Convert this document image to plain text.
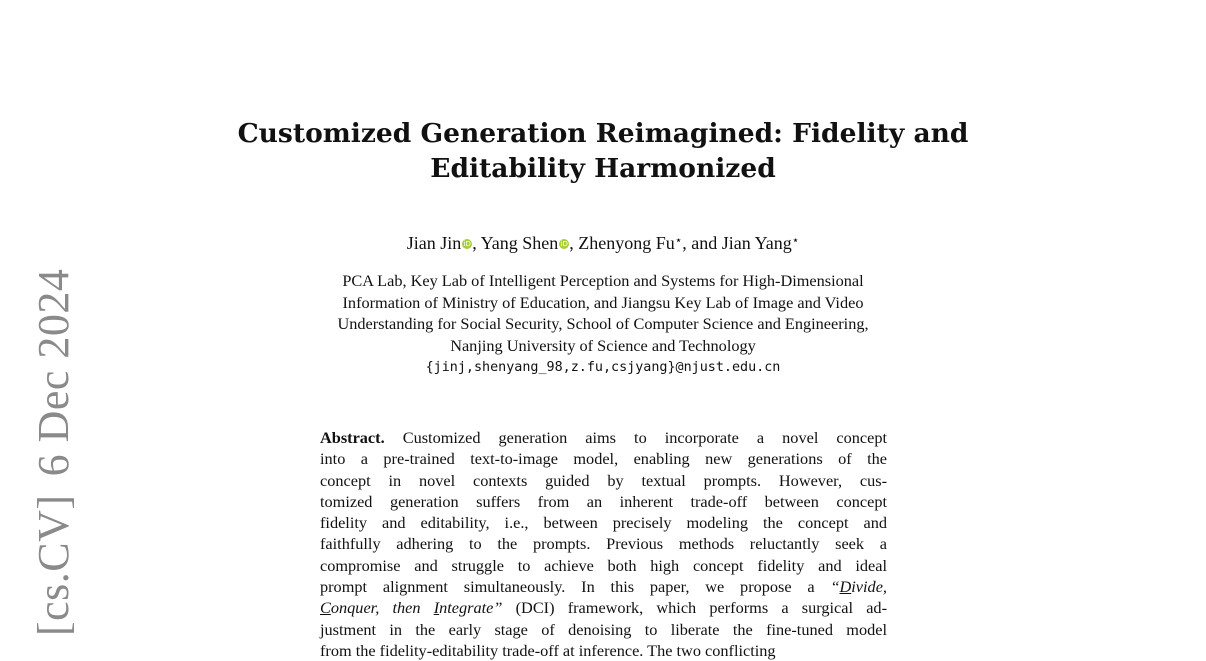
[cs.CV]6 Dec 2024
Customized Generation Reimagined: Fidelity and
Editability Harmonized
Jian Jin iD, Yang Shen iD, Zhenyong Fu⋆, and Jian Yang⋆
PCA Lab, Key Lab of Intelligent Perception and Systems for High-Dimensional
Information of Ministry of Education, and Jiangsu Key Lab of Image and Video
Understanding for Social Security, School of Computer Science and Engineering,
Nanjing University of Science and Technology
{jinj,shenyang_98,z.fu,csjyang}@njust.edu.cn
Abstract. Customized generation aims to incorporate a novel concept
into a pre-trained text-to-image model, enabling new generations of the
concept in novel contexts guided by textual prompts. However, cus-
tomized generation suffers from an inherent trade-off between concept
fidelity and editability, i.e., between precisely modeling the concept and
faithfully adhering to the prompts. Previous methods reluctantly seek a
compromise and struggle to achieve both high concept fidelity and ideal
prompt alignment simultaneously. In this paper, we propose a “Divide,
Conquer, then Integrate” (DCI) framework, which performs a surgical ad-
justment in the early stage of denoising to liberate the fine-tuned model
from the fidelity-editability trade-off at inference. The two conflicting
